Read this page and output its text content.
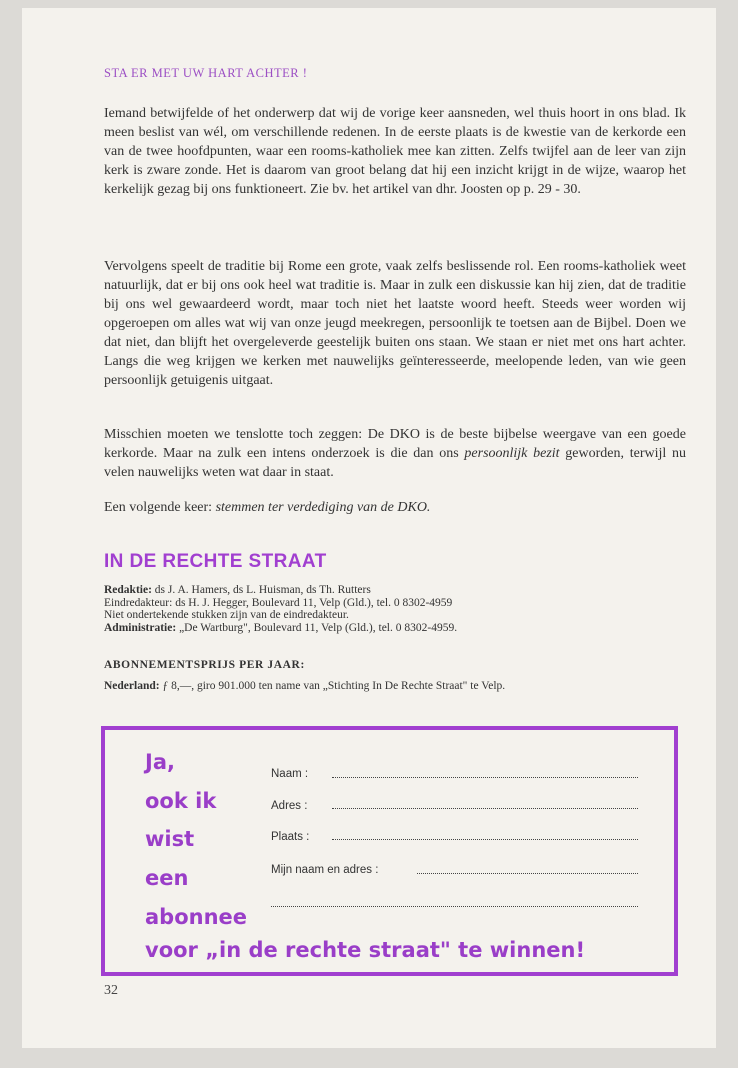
STA ER MET UW HART ACHTER !

Iemand betwijfelde of het onderwerp dat wij de vorige keer aansneden, wel thuis hoort in ons blad. Ik meen beslist van wél, om verschillende redenen. In de eerste plaats is de kwestie van de kerkorde een van de twee hoofdpunten, waar een rooms-katholiek mee kan zitten. Zelfs twijfel aan de leer van zijn kerk is zware zonde. Het is daarom van groot belang dat hij een inzicht krijgt in de wijze, waarop het kerkelijk gezag bij ons funktioneert. Zie bv. het artikel van dhr. Joosten op p. 29 - 30.

Vervolgens speelt de traditie bij Rome een grote, vaak zelfs beslissende rol. Een rooms-katholiek weet natuurlijk, dat er bij ons ook heel wat traditie is. Maar in zulk een diskussie kan hij zien, dat de traditie bij ons wel gewaardeerd wordt, maar toch niet het laatste woord heeft. Steeds weer worden wij opgeroepen om alles wat wij van onze jeugd meekregen, persoonlijk te toetsen aan de Bijbel. Doen we dat niet, dan blijft het overgeleverde geestelijk buiten ons staan. We staan er niet met ons hart achter. Langs die weg krijgen we kerken met nauwelijks geïnteresseerde, meelopende leden, van wie geen persoonlijk getuigenis uitgaat.

Misschien moeten we tenslotte toch zeggen: De DKO is de beste bijbelse weergave van een goede kerkorde. Maar na zulk een intens onderzoek is die dan ons persoonlijk bezit geworden, terwijl nu velen nauwelijks weten wat daar in staat.

Een volgende keer: stemmen ter verdediging van de DKO.

IN DE RECHTE STRAAT
Redaktie: ds J. A. Hamers, ds L. Huisman, ds Th. Rutters
Eindredakteur: ds H. J. Hegger, Boulevard 11, Velp (Gld.), tel. 0 8302-4959
Niet ondertekende stukken zijn van de eindredakteur.
Administratie: „De Wartburg", Boulevard 11, Velp (Gld.), tel. 0 8302-4959.
ABONNEMENTSPRIJS PER JAAR:
Nederland: ƒ 8,—, giro 901.000 ten name van „Stichting In De Rechte Straat" te Velp.
Ja,
ook ik
wist
een
abonnee
voor „in de rechte straat" te winnen!
Naam :
Adres :
Plaats :
Mijn naam en adres :
32
